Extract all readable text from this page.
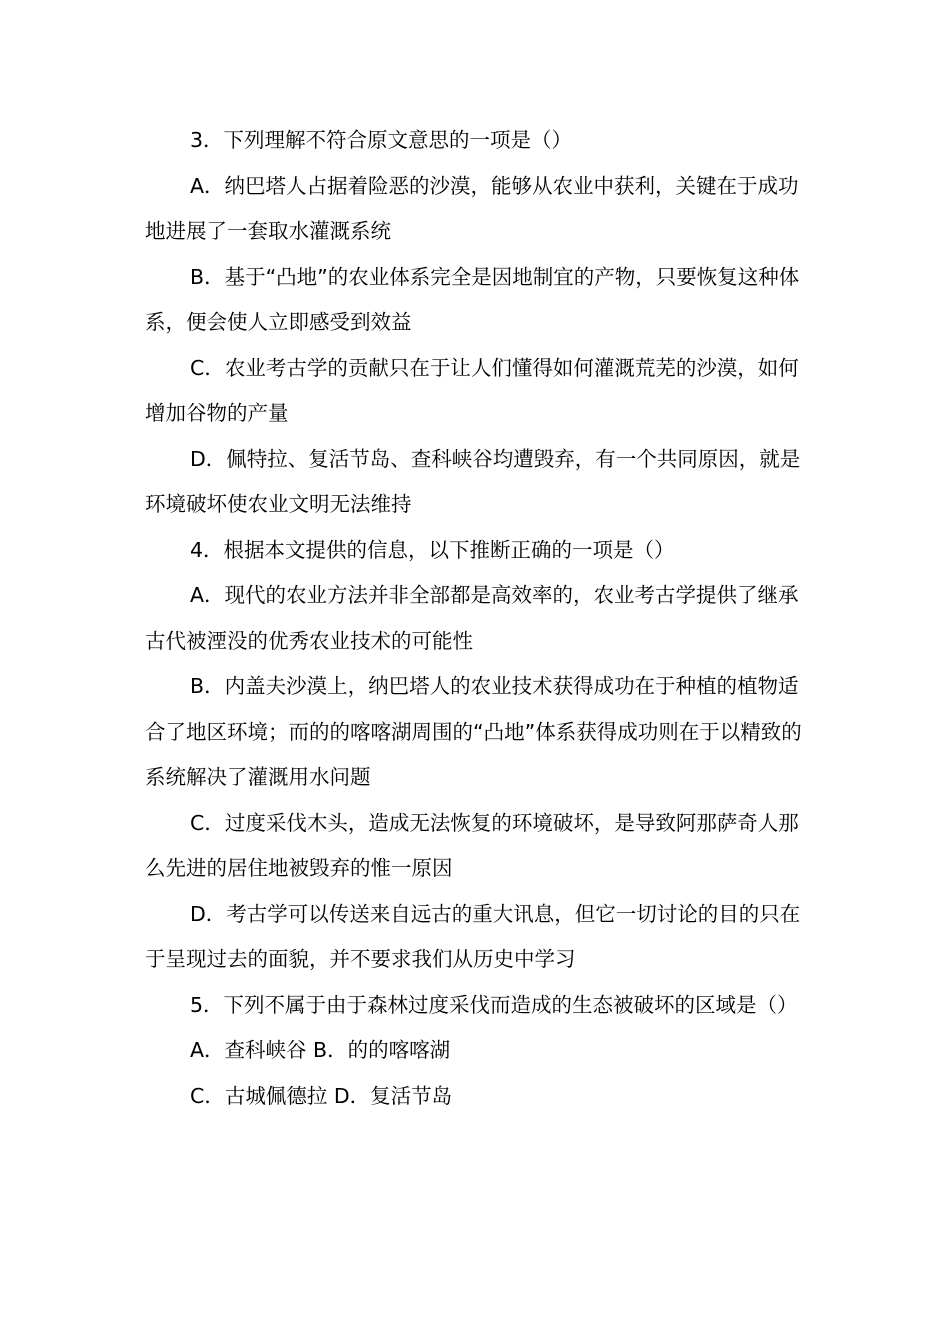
3．下列理解不符合原文意思的一项是（）

A．纳巴塔人占据着险恶的沙漠，能够从农业中获利，关键在于成功地进展了一套取水灌溉系统

B．基于“凸地”的农业体系完全是因地制宜的产物，只要恢复这种体系，便会使人立即感受到效益

C．农业考古学的贡献只在于让人们懂得如何灌溉荒芜的沙漠，如何增加谷物的产量

D．佩特拉、复活节岛、查科峡谷均遭毁弃，有一个共同原因，就是环境破坏使农业文明无法维持

4．根据本文提供的信息，以下推断正确的一项是（）

A．现代的农业方法并非全部都是高效率的，农业考古学提供了继承古代被湮没的优秀农业技术的可能性

B．内盖夫沙漠上，纳巴塔人的农业技术获得成功在于种植的植物适合了地区环境；而的的喀喀湖周围的“凸地”体系获得成功则在于以精致的系统解决了灌溉用水问题

C．过度采伐木头，造成无法恢复的环境破坏，是导致阿那萨奇人那么先进的居住地被毁弃的惟一原因

D．考古学可以传送来自远古的重大讯息，但它一切讨论的目的只在于呈现过去的面貌，并不要求我们从历史中学习

5．下列不属于由于森林过度采伐而造成的生态被破坏的区域是（）

A．查科峡谷 B．的的喀喀湖

C．古城佩德拉 D．复活节岛
